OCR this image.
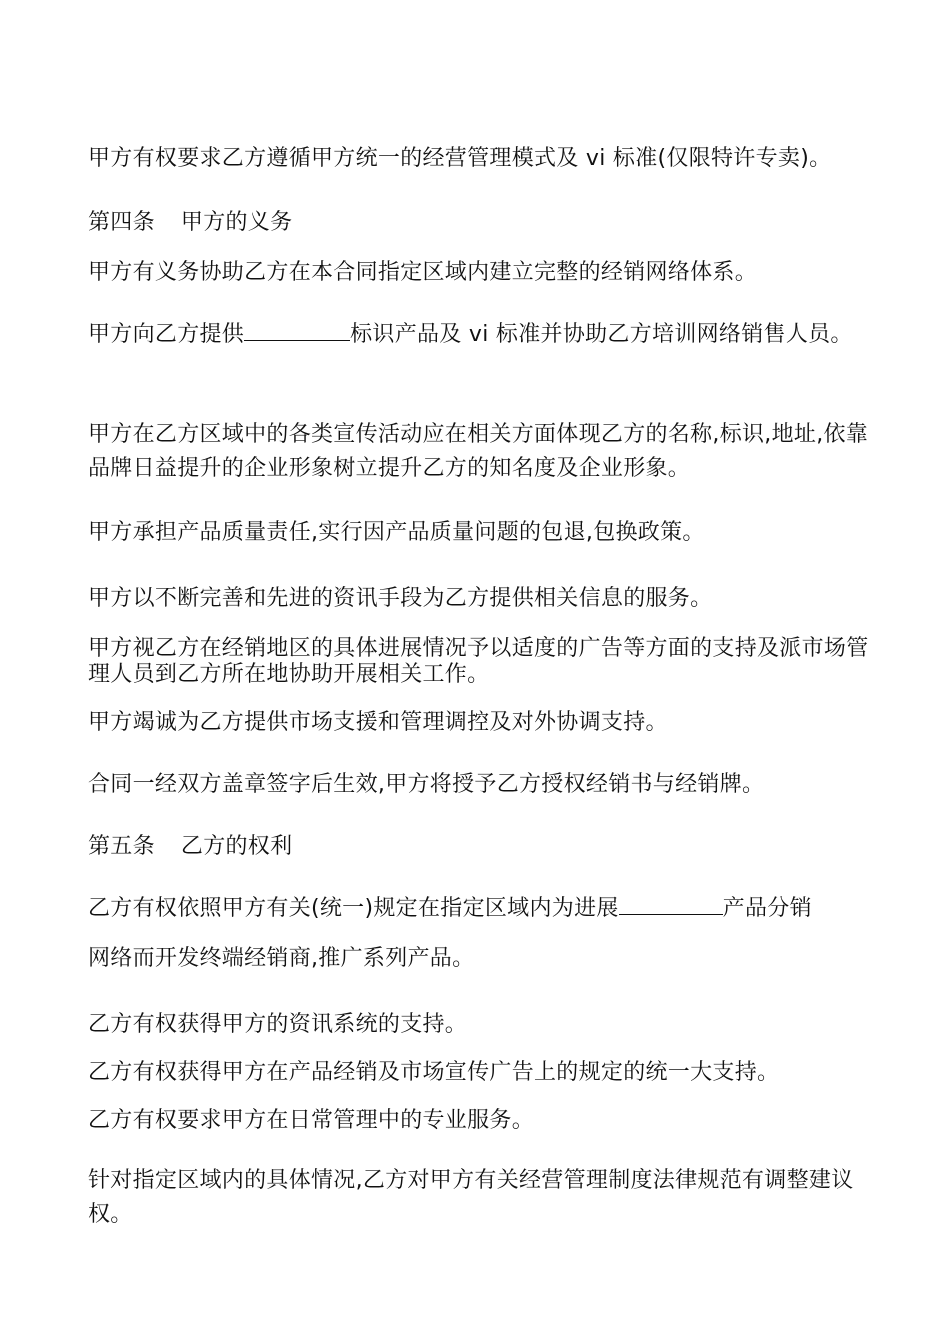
甲方有权要求乙方遵循甲方统一的经营管理模式及 vi 标准(仅限特许专卖)。
第四条 甲方的义务
甲方有义务协助乙方在本合同指定区域内建立完整的经销网络体系。
甲方向乙方提供	标识产品及 vi 标准并协助乙方培训网络销售人员。
甲方在乙方区域中的各类宣传活动应在相关方面体现乙方的名称,标识,地址,依靠品牌日益提升的企业形象树立提升乙方的知名度及企业形象。
甲方承担产品质量责任,实行因产品质量问题的包退,包换政策。
甲方以不断完善和先进的资讯手段为乙方提供相关信息的服务。
甲方视乙方在经销地区的具体进展情况予以适度的广告等方面的支持及派市场管理人员到乙方所在地协助开展相关工作。
甲方竭诚为乙方提供市场支援和管理调控及对外协调支持。
合同一经双方盖章签字后生效,甲方将授予乙方授权经销书与经销牌。
第五条 乙方的权利
乙方有权依照甲方有关(统一)规定在指定区域内为进展	产品分销
网络而开发终端经销商,推广系列产品。
乙方有权获得甲方的资讯系统的支持。
乙方有权获得甲方在产品经销及市场宣传广告上的规定的统一大支持。
乙方有权要求甲方在日常管理中的专业服务。
针对指定区域内的具体情况,乙方对甲方有关经营管理制度法律规范有调整建议权。
